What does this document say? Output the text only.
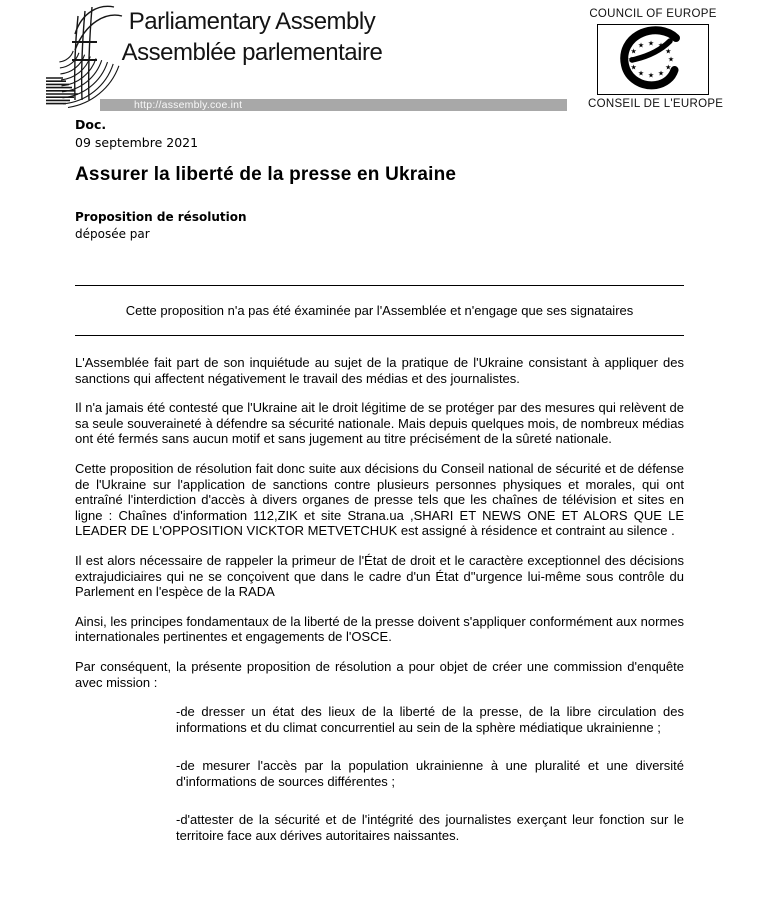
Parliamentary Assembly
Assemblée parlementaire
http://assembly.coe.int
COUNCIL OF EUROPE
★
★
★
★
★
★
★
★
★ ★ ★
★
CONSEIL DE L'EUROPE
Doc.
09 septembre 2021
Assurer la liberté de la presse en Ukraine
Proposition de résolution
déposée par
Cette proposition n'a pas été éxaminée par l'Assemblée et n'engage que ses signataires

L'Assemblée fait part de son inquiétude au sujet de la pratique de l'Ukraine consistant à appliquer des sanctions qui affectent négativement le travail des médias et des journalistes.

Il n'a jamais été contesté que l'Ukraine ait le droit légitime de se protéger par des mesures qui relèvent de sa seule souveraineté à défendre sa sécurité nationale. Mais depuis quelques mois, de nombreux médias ont été fermés sans aucun motif et sans jugement au titre précisément de la sûreté nationale.

Cette proposition de résolution fait donc suite aux décisions du Conseil national de sécurité et de défense de l'Ukraine sur l'application de sanctions contre plusieurs personnes physiques et morales, qui ont entraîné l'interdiction d'accès à divers organes de presse tels que les chaînes de télévision et sites en ligne : Chaînes d'information 112,ZIK et site Strana.ua ,SHARI ET NEWS ONE ET ALORS QUE LE LEADER DE L'OPPOSITION VICKTOR METVETCHUK est assigné à résidence et contraint au silence .

Il est alors nécessaire de rappeler la primeur de l'État de droit et le caractère exceptionnel des décisions extrajudiciaires qui ne se conçoivent que dans le cadre d'un État d''urgence lui-même sous contrôle du Parlement en l'espèce de la RADA

Ainsi, les principes fondamentaux de la liberté de la presse doivent s'appliquer conformément aux normes internationales pertinentes et engagements de l'OSCE.

Par conséquent, la présente proposition de résolution a pour objet de créer une commission d'enquête avec mission :

-de dresser un état des lieux de la liberté de la presse, de la libre circulation des informations et du climat concurrentiel au sein de la sphère médiatique ukrainienne ;

-de mesurer l'accès par la population ukrainienne à une pluralité et une diversité d'informations de sources différentes ;

-d'attester de la sécurité et de l'intégrité des journalistes exerçant leur fonction sur le territoire face aux dérives autoritaires naissantes.
